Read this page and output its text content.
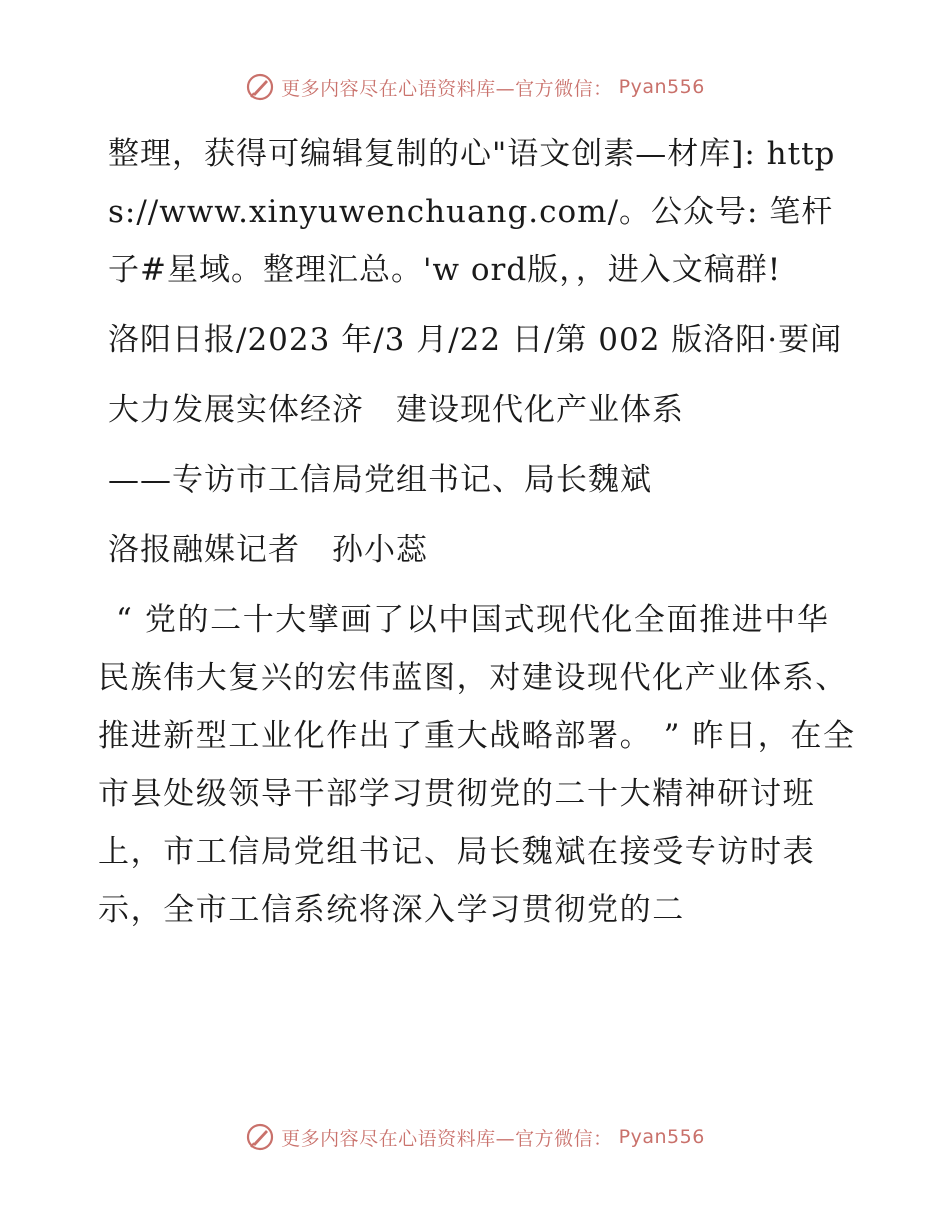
更多内容尽在心语资料库—官方微信： Pyan556

整理，获得可编辑复制的心"语文创素—材库]: https://www.xinyuwenchuang.com/。公众号: 笔杆子#星域。整理汇总。'w ord版，，进入文稿群!

洛阳日报/2023 年/3 月/22 日/第 002 版洛阳·要闻

大力发展实体经济　建设现代化产业体系

——专访市工信局党组书记、局长魏斌

洛报融媒记者　孙小蕊

“ 党的二十大擘画了以中国式现代化全面推进中华民族伟大复兴的宏伟蓝图，对建设现代化产业体系、推进新型工业化作出了重大战略部署。 ” 昨日，在全市县处级领导干部学习贯彻党的二十大精神研讨班上，市工信局党组书记、局长魏斌在接受专访时表示，全市工信系统将深入学习贯彻党的二

更多内容尽在心语资料库—官方微信： Pyan556
